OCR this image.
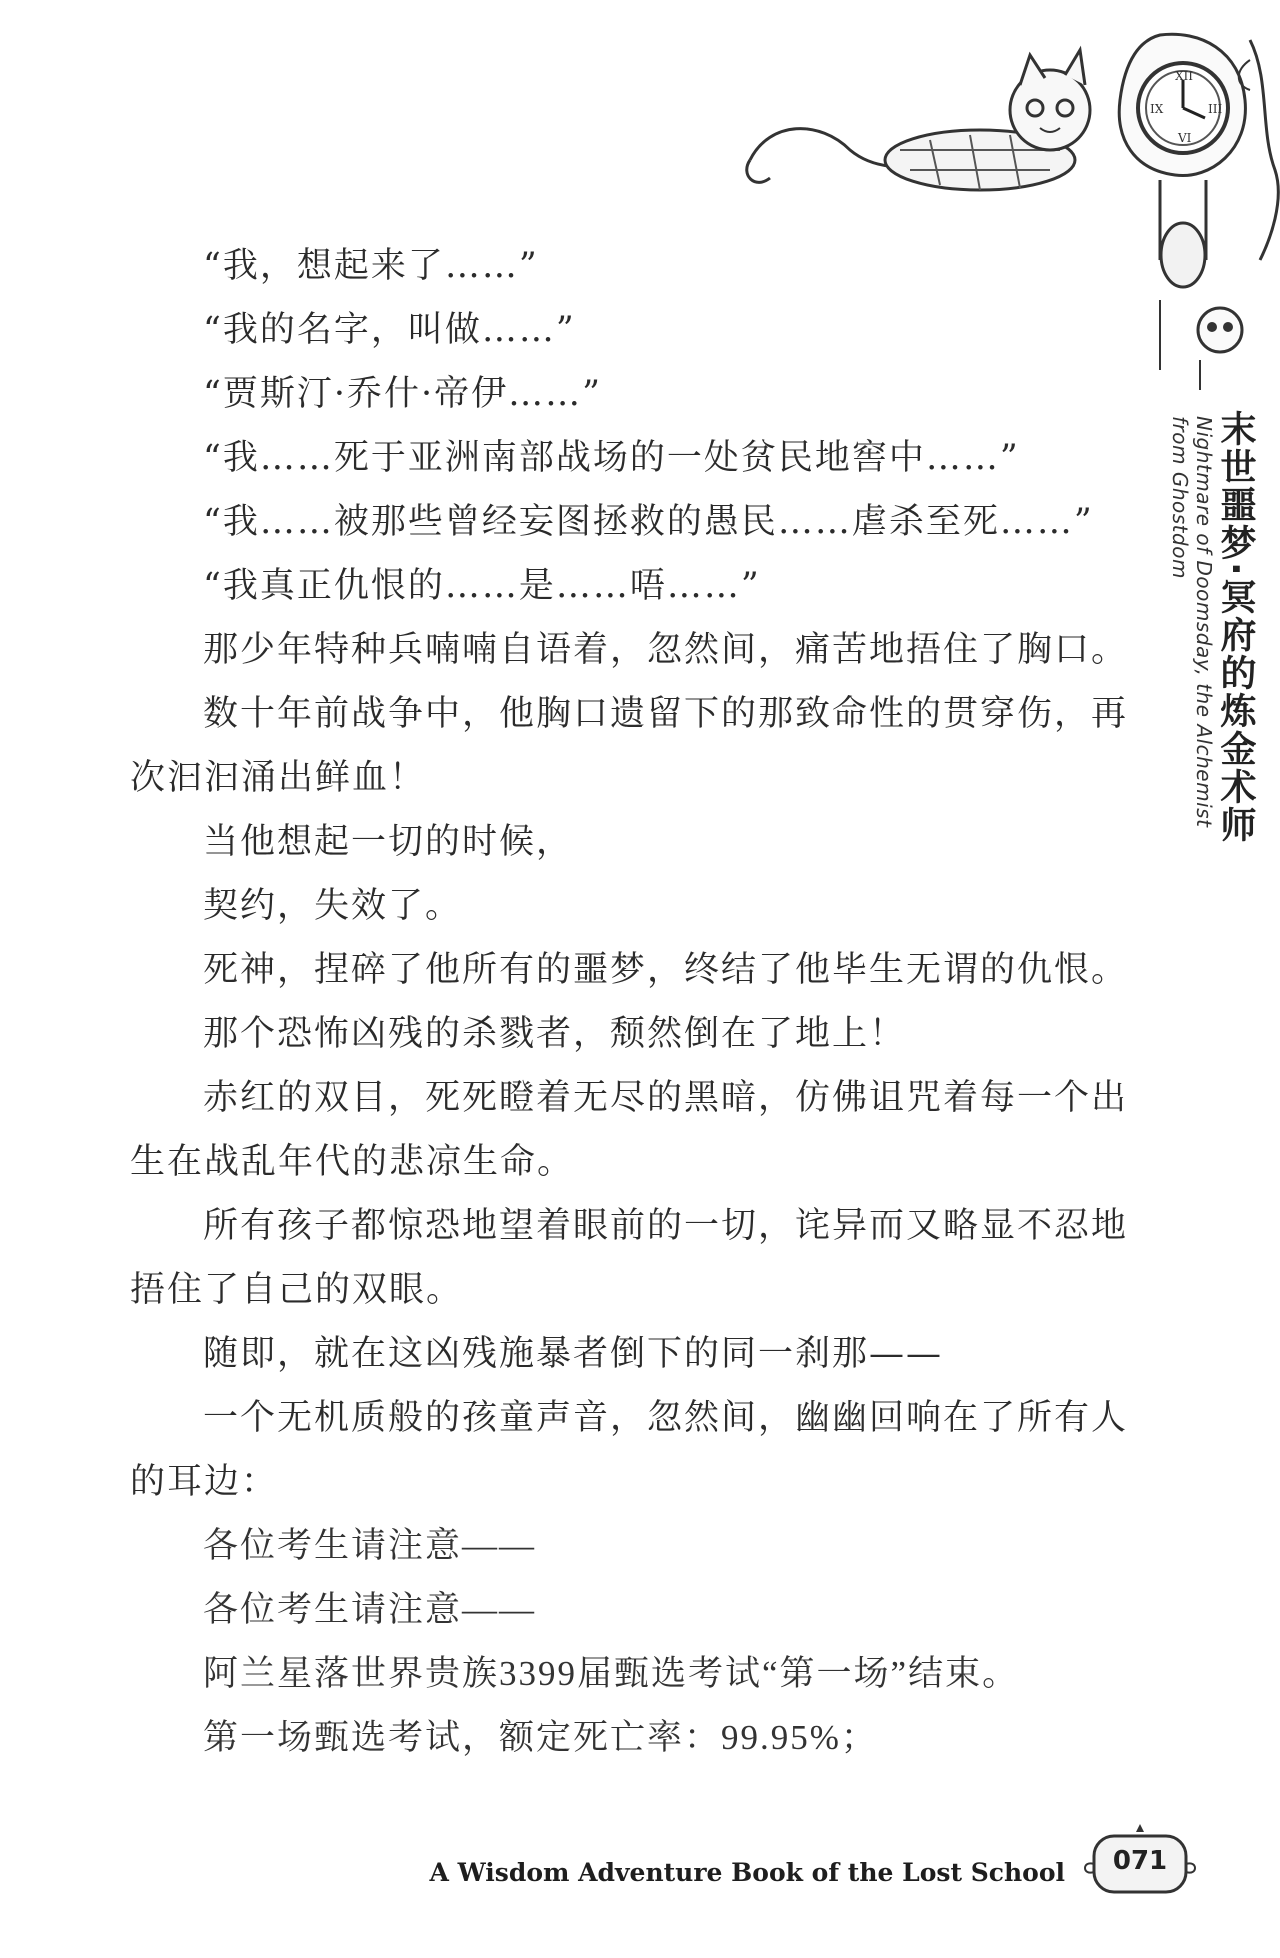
XII
III
VI
IX
末世噩梦·冥府的炼金术师
Nightmare of Doomsday, the Alchemist from Ghostdom

“我，想起来了……”

“我的名字，叫做……”

“贾斯汀·乔什·帝伊……”

“我……死于亚洲南部战场的一处贫民地窖中……”

“我……被那些曾经妄图拯救的愚民……虐杀至死……”

“我真正仇恨的……是……唔……”

那少年特种兵喃喃自语着，忽然间，痛苦地捂住了胸口。

数十年前战争中，他胸口遗留下的那致命性的贯穿伤，再次汩汩涌出鲜血！

当他想起一切的时候，

契约，失效了。

死神，捏碎了他所有的噩梦，终结了他毕生无谓的仇恨。

那个恐怖凶残的杀戮者，颓然倒在了地上！

赤红的双目，死死瞪着无尽的黑暗，仿佛诅咒着每一个出生在战乱年代的悲凉生命。

所有孩子都惊恐地望着眼前的一切，诧异而又略显不忍地捂住了自己的双眼。

随即，就在这凶残施暴者倒下的同一刹那——

一个无机质般的孩童声音，忽然间，幽幽回响在了所有人的耳边：

各位考生请注意——

各位考生请注意——

阿兰星落世界贵族3399届甄选考试“第一场”结束。

第一场甄选考试，额定死亡率：99.95%；

A Wisdom Adventure Book of the Lost School	071
